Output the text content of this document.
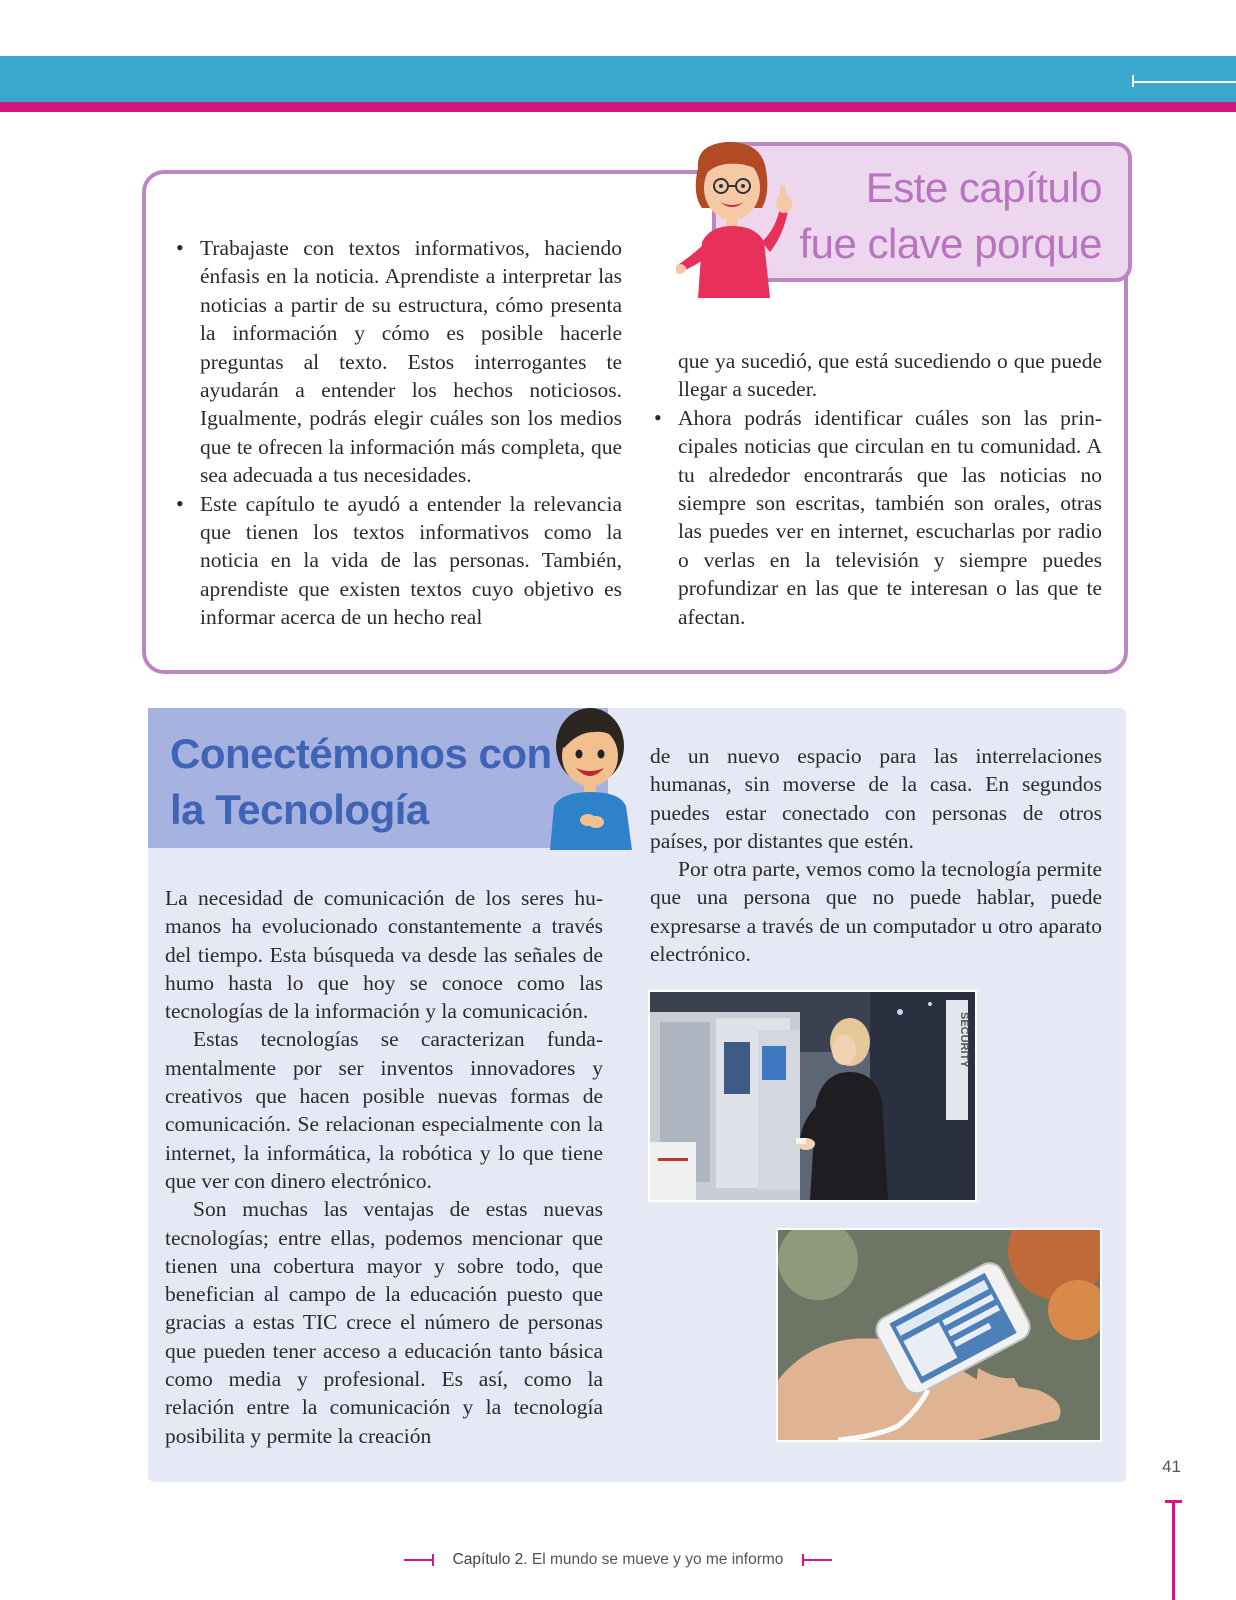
Este capítulo
fue clave porque
• Trabajaste con textos informativos, haciendo énfasis en la noticia. Aprendiste a interpretar las noticias a partir de su estructura, cómo presenta la información y cómo es posible hacerle preguntas al texto. Estos interrogantes te ayudarán a entender los hechos noticiosos. Igualmente, podrás elegir cuáles son los medios que te ofrecen la información más completa, que sea adecuada a tus necesidades.
• Este capítulo te ayudó a entender la relevancia que tienen los textos informativos como la noticia en la vida de las personas. También, aprendiste que existen textos cuyo objetivo es informar acerca de un hecho real
que ya sucedió, que está sucediendo o que puede llegar a suceder.
• Ahora podrás identificar cuáles son las principales noticias que circulan en tu comunidad. A tu alrededor encontrarás que las noticias no siempre son escritas, también son orales, otras las puedes ver en internet, escucharlas por radio o verlas en la televisión y siempre puedes profundizar en las que te interesan o las que te afectan.
Conectémonos con
la Tecnología

La necesidad de comunicación de los seres humanos ha evolucionado constantemente a través del tiempo. Esta búsqueda va desde las señales de humo hasta lo que hoy se conoce como las tecnologías de la información y la comunicación.

Estas tecnologías se caracterizan fundamentalmente por ser inventos innovadores y creativos que hacen posible nuevas formas de comunicación. Se relacionan especialmente con la internet, la informática, la robótica y lo que tiene que ver con dinero electrónico.

Son muchas las ventajas de estas nuevas tecnologías; entre ellas, podemos mencionar que tienen una cobertura mayor y sobre todo, que benefician al campo de la educación puesto que gracias a estas TIC crece el número de personas que pueden tener acceso a educación tanto básica como media y profesional. Es así, como la relación entre la comunicación y la tecnología posibilita y permite la creación

de un nuevo espacio para las interrelaciones humanas, sin moverse de la casa. En segundos puedes estar conectado con personas de otros países, por distantes que estén.

Por otra parte, vemos como la tecnología permite que una persona que no puede hablar, puede expresarse a través de un computador u otro aparato electrónico.

SECURITY

41

Capítulo 2. El mundo se mueve y yo me informo
